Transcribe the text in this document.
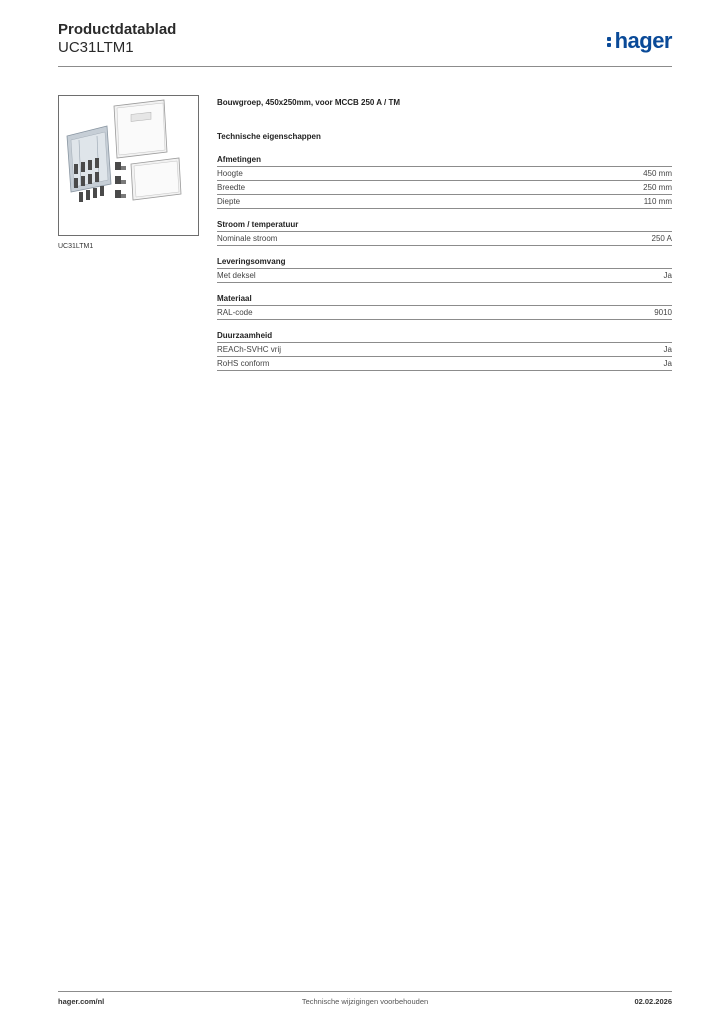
Productdatablad
UC31LTM1	hager
UC31LTM1
Bouwgroep, 450x250mm, voor MCCB 250 A / TM
Technische eigenschappen
Afmetingen
Hoogte	450 mm
Breedte	250 mm
Diepte	110 mm
Stroom / temperatuur
Nominale stroom	250 A
Leveringsomvang
Met deksel	Ja
Materiaal
RAL-code	9010
Duurzaamheid
REACh-SVHC vrij	Ja
RoHS conform	Ja
Technische wijzigingen voorbehouden
hager.com/nl	02.02.2026
